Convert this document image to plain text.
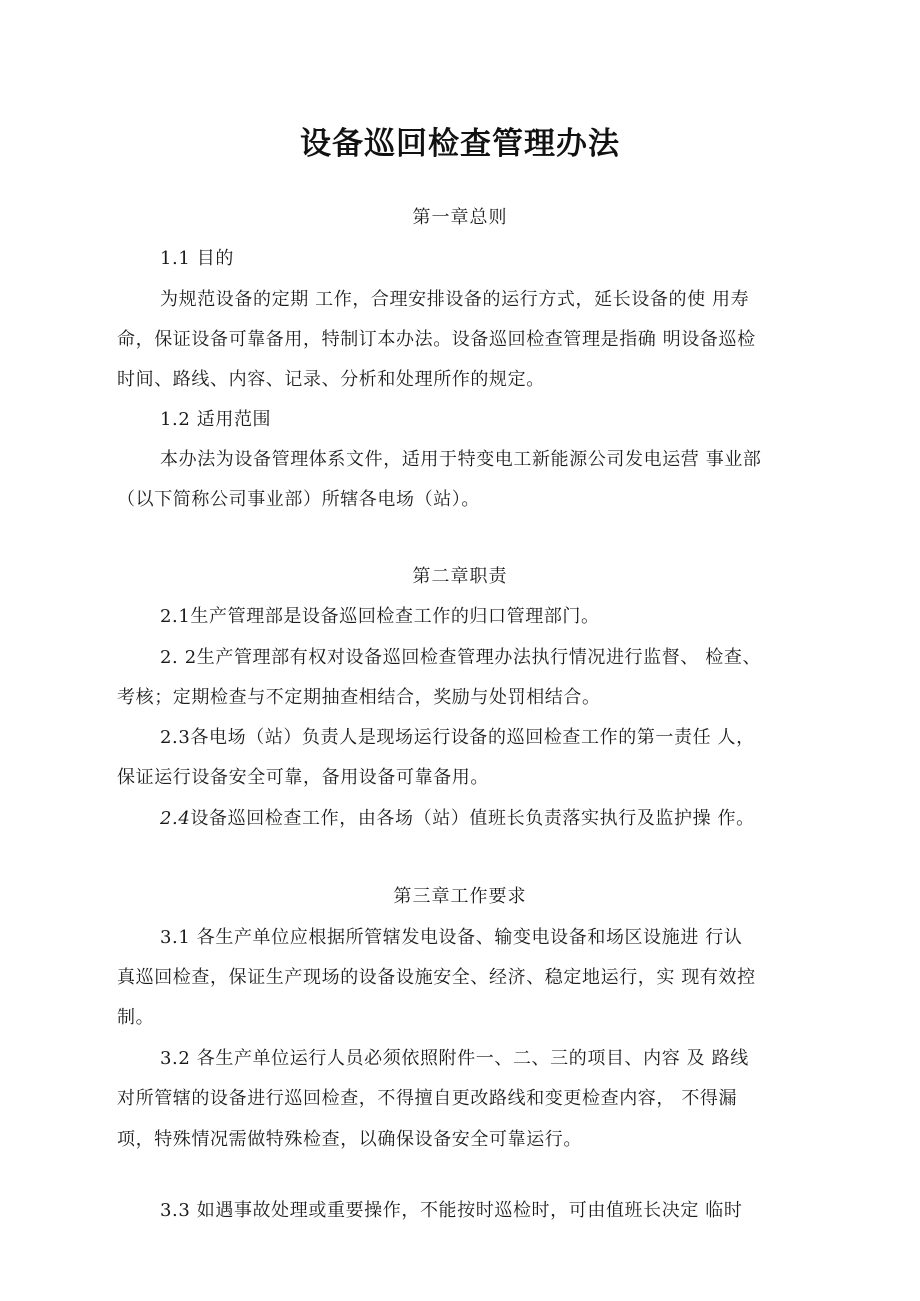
设备巡回检查管理办法
第一章总则
1.1 目的
为规范设备的定期 工作，合理安排设备的运行方式，延长设备的使 用寿
命，保证设备可靠备用，特制订本办法。设备巡回检查管理是指确 明设备巡检
时间、路线、内容、记录、分析和处理所作的规定。
1.2 适用范围
本办法为设备管理体系文件，适用于特变电工新能源公司发电运营 事业部
（以下简称公司事业部）所辖各电场（站）。
第二章职责
2.1生产管理部是设备巡回检查工作的归口管理部门。
2. 2生产管理部有权对设备巡回检查管理办法执行情况进行监督、 检查、
考核；定期检查与不定期抽查相结合，奖励与处罚相结合。
2.3各电场（站）负责人是现场运行设备的巡回检查工作的第一责任 人，
保证运行设备安全可靠，备用设备可靠备用。
2.4设备巡回检查工作，由各场（站）值班长负责落实执行及监护操 作。
第三章工作要求
3.1 各生产单位应根据所管辖发电设备、输变电设备和场区设施进 行认
真巡回检查，保证生产现场的设备设施安全、经济、稳定地运行，实 现有效控
制。
3.2 各生产单位运行人员必须依照附件一、二、三的项目、内容 及 路线
对所管辖的设备进行巡回检查，不得擅自更改路线和变更检查内容， 不得漏
项，特殊情况需做特殊检查，以确保设备安全可靠运行。
3.3 如遇事故处理或重要操作，不能按时巡检时，可由值班长决定 临时
